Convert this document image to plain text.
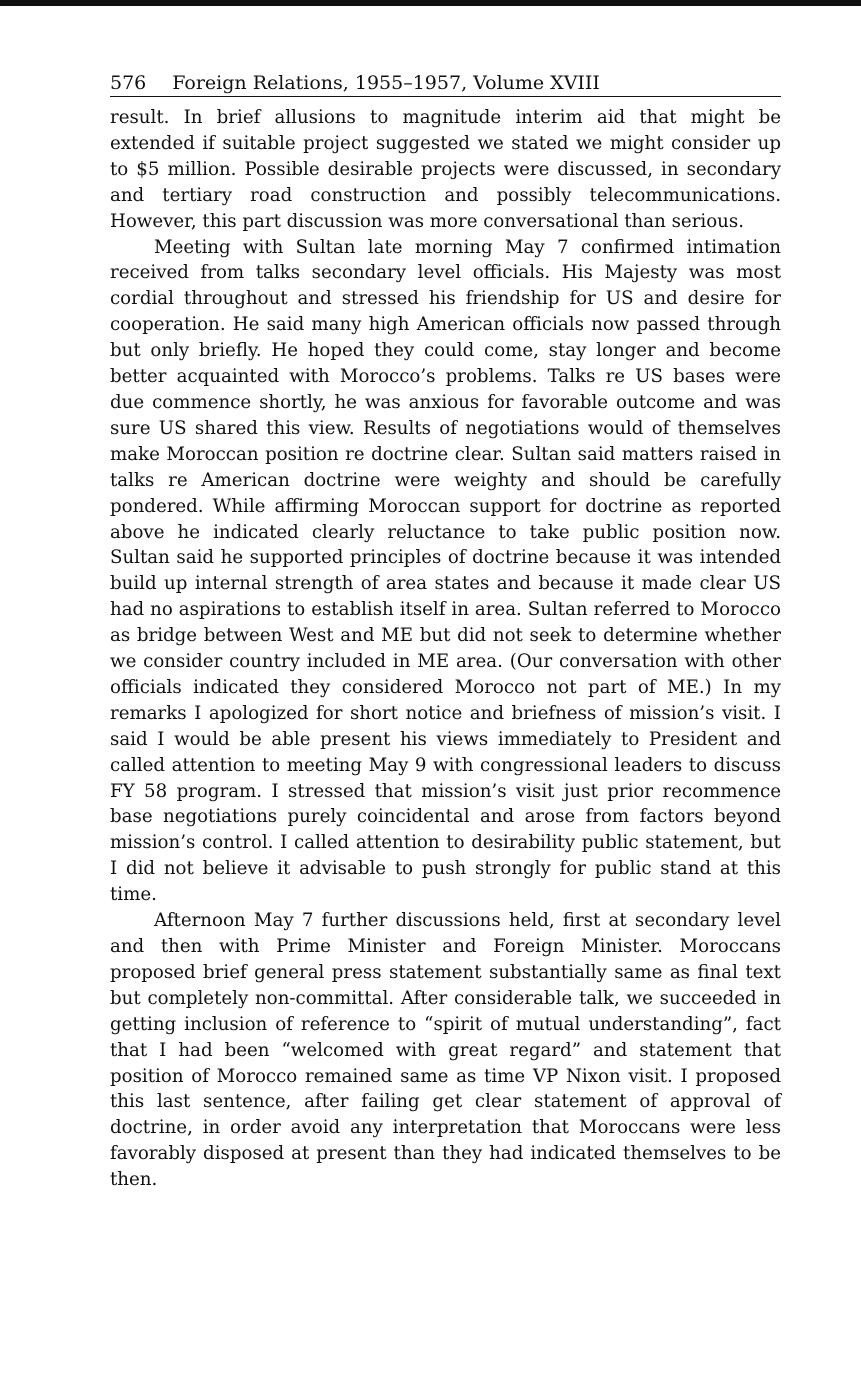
576 Foreign Relations, 1955–1957, Volume XVIII

result. In brief allusions to magnitude interim aid that might be extended if suitable project suggested we stated we might consider up to $5 million. Possible desirable projects were discussed, in secondary and tertiary road construction and possibly telecommunications. However, this part discussion was more conversational than serious.

Meeting with Sultan late morning May 7 confirmed intimation received from talks secondary level officials. His Majesty was most cordial throughout and stressed his friendship for US and desire for cooperation. He said many high American officials now passed through but only briefly. He hoped they could come, stay longer and become better acquainted with Morocco’s problems. Talks re US bases were due commence shortly, he was anxious for favorable outcome and was sure US shared this view. Results of negotiations would of themselves make Moroccan position re doctrine clear. Sultan said matters raised in talks re American doctrine were weighty and should be carefully pondered. While affirming Moroccan support for doctrine as reported above he indicated clearly reluctance to take public position now. Sultan said he supported principles of doctrine because it was intended build up internal strength of area states and because it made clear US had no aspirations to establish itself in area. Sultan referred to Morocco as bridge between West and ME but did not seek to determine whether we consider country included in ME area. (Our conversation with other officials indicated they considered Morocco not part of ME.) In my remarks I apologized for short notice and briefness of mission’s visit. I said I would be able present his views immediately to President and called attention to meeting May 9 with congressional leaders to discuss FY 58 program. I stressed that mission’s visit just prior recommence base negotiations purely coincidental and arose from factors beyond mission’s control. I called attention to desirability public statement, but I did not believe it advisable to push strongly for public stand at this time.

Afternoon May 7 further discussions held, first at secondary level and then with Prime Minister and Foreign Minister. Moroccans proposed brief general press statement substantially same as final text but completely non-committal. After considerable talk, we succeeded in getting inclusion of reference to “spirit of mutual understanding”, fact that I had been “welcomed with great regard” and statement that position of Morocco remained same as time VP Nixon visit. I proposed this last sentence, after failing get clear statement of approval of doctrine, in order avoid any interpretation that Moroccans were less favorably disposed at present than they had indicated themselves to be then.
